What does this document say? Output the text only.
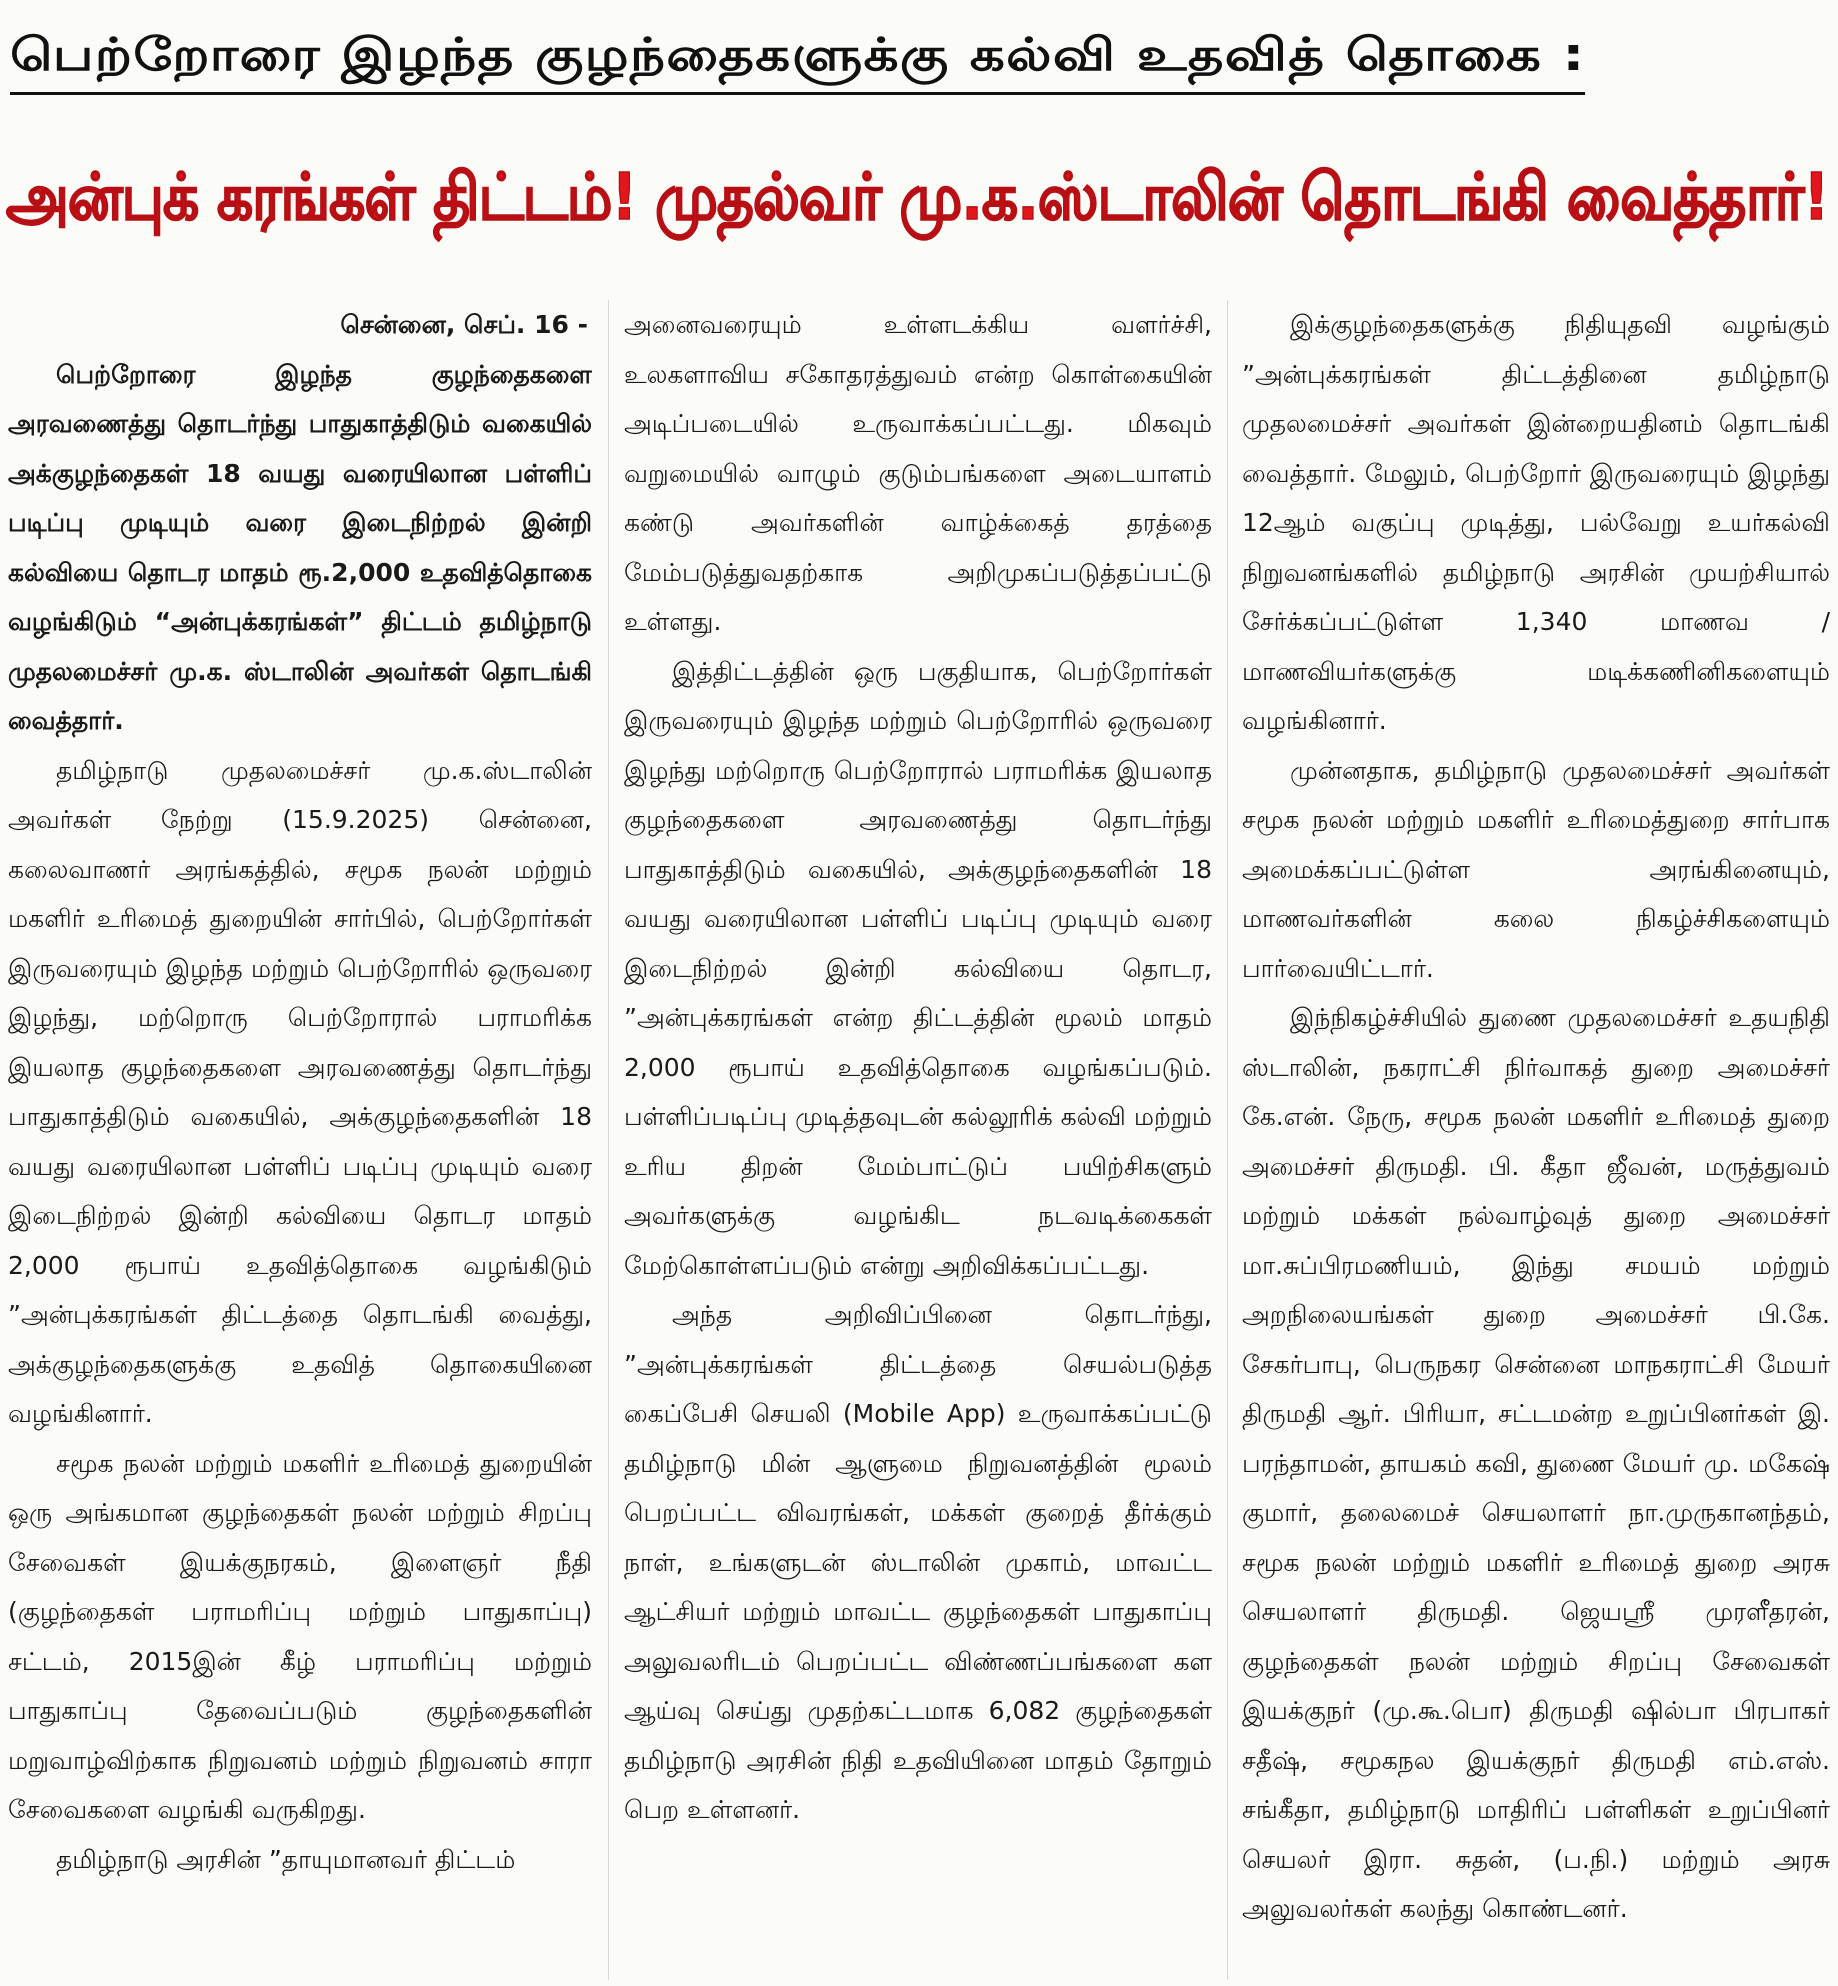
பெற்றோரை இழந்த குழந்தைகளுக்கு கல்வி உதவித் தொகை :
அன்புக் கரங்கள் திட்டம்! முதல்வர் மு.க.ஸ்டாலின் தொடங்கி வைத்தார்!
சென்னை, செப். 16 -

பெற்றோரை இழந்த குழந்தைகளை அரவணைத்து தொடர்ந்து பாதுகாத்திடும் வகையில் அக்குழந்தைகள் 18 வயது வரையிலான பள்ளிப் படிப்பு முடியும் வரை இடைநிற்றல் இன்றி கல்வியை தொடர மாதம் ரூ.2,000 உதவித்தொகை வழங்கிடும் “அன்புக்கரங்கள்” திட்டம் தமிழ்நாடு முதலமைச்சர் மு.க. ஸ்டாலின் அவர்கள் தொடங்கி வைத்தார்.

தமிழ்நாடு முதலமைச்சர் மு.க.ஸ்டாலின் அவர்கள் நேற்று (15.9.2025) சென்னை, கலைவாணர் அரங்கத்தில், சமூக நலன் மற்றும் மகளிர் உரிமைத் துறையின் சார்பில், பெற்றோர்கள் இருவரையும் இழந்த மற்றும் பெற்றோரில் ஒருவரை இழந்து, மற்றொரு பெற்றோரால் பராமரிக்க இயலாத குழந்தைகளை அரவணைத்து தொடர்ந்து பாதுகாத்திடும் வகையில், அக்குழந்தைகளின் 18 வயது வரையிலான பள்ளிப் படிப்பு முடியும் வரை இடைநிற்றல் இன்றி கல்வியை தொடர மாதம் 2,000 ரூபாய் உதவித்தொகை வழங்கிடும் ”அன்புக்கரங்கள் திட்டத்தை தொடங்கி வைத்து, அக்குழந்தைகளுக்கு உதவித் தொகையினை வழங்கினார்.

சமூக நலன் மற்றும் மகளிர் உரிமைத் துறையின் ஒரு அங்கமான குழந்தைகள் நலன் மற்றும் சிறப்பு சேவைகள் இயக்குநரகம், இளைஞர் நீதி (குழந்தைகள் பராமரிப்பு மற்றும் பாதுகாப்பு) சட்டம், 2015இன் கீழ் பராமரிப்பு மற்றும் பாதுகாப்பு தேவைப்படும் குழந்தைகளின் மறுவாழ்விற்காக நிறுவனம் மற்றும் நிறுவனம் சாரா சேவைகளை வழங்கி வருகிறது.

தமிழ்நாடு அரசின் ”தாயுமானவர் திட்டம்

அனைவரையும் உள்ளடக்கிய வளர்ச்சி, உலகளாவிய சகோதரத்துவம் என்ற கொள்கையின் அடிப்படையில் உருவாக்கப்பட்டது. மிகவும் வறுமையில் வாழும் குடும்பங்களை அடையாளம் கண்டு அவர்களின் வாழ்க்கைத் தரத்தை மேம்படுத்துவதற்காக அறிமுகப்படுத்தப்பட்டு உள்ளது.

இத்திட்டத்தின் ஒரு பகுதியாக, பெற்றோர்கள் இருவரையும் இழந்த மற்றும் பெற்றோரில் ஒருவரை இழந்து மற்றொரு பெற்றோரால் பராமரிக்க இயலாத குழந்தைகளை அரவணைத்து தொடர்ந்து பாதுகாத்திடும் வகையில், அக்குழந்தைகளின் 18 வயது வரையிலான பள்ளிப் படிப்பு முடியும் வரை இடைநிற்றல் இன்றி கல்வியை தொடர, ”அன்புக்கரங்கள் என்ற திட்டத்தின் மூலம் மாதம் 2,000 ரூபாய் உதவித்தொகை வழங்கப்படும். பள்ளிப்படிப்பு முடித்தவுடன் கல்லூரிக் கல்வி மற்றும் உரிய திறன் மேம்பாட்டுப் பயிற்சிகளும் அவர்களுக்கு வழங்கிட நடவடிக்கைகள் மேற்கொள்ளப்படும் என்று அறிவிக்கப்பட்டது.

அந்த அறிவிப்பினை தொடர்ந்து, ”அன்புக்கரங்கள் திட்டத்தை செயல்படுத்த கைப்பேசி செயலி (Mobile App) உருவாக்கப்பட்டு தமிழ்நாடு மின் ஆளுமை நிறுவனத்தின் மூலம் பெறப்பட்ட விவரங்கள், மக்கள் குறைத் தீர்க்கும் நாள், உங்களுடன் ஸ்டாலின் முகாம், மாவட்ட ஆட்சியர் மற்றும் மாவட்ட குழந்தைகள் பாதுகாப்பு அலுவலரிடம் பெறப்பட்ட விண்ணப்பங்களை கள ஆய்வு செய்து முதற்கட்டமாக 6,082 குழந்தைகள் தமிழ்நாடு அரசின் நிதி உதவியினை மாதம் தோறும் பெற உள்ளனர்.

இக்குழந்தைகளுக்கு நிதியுதவி வழங்கும் ”அன்புக்கரங்கள் திட்டத்தினை தமிழ்நாடு முதலமைச்சர் அவர்கள் இன்றையதினம் தொடங்கி வைத்தார். மேலும், பெற்றோர் இருவரையும் இழந்து 12ஆம் வகுப்பு முடித்து, பல்வேறு உயர்கல்வி நிறுவனங்களில் தமிழ்நாடு அரசின் முயற்சியால் சேர்க்கப்பட்டுள்ள 1,340 மாணவ / மாணவியர்களுக்கு மடிக்கணினிகளையும் வழங்கினார்.

முன்னதாக, தமிழ்நாடு முதலமைச்சர் அவர்கள் சமூக நலன் மற்றும் மகளிர் உரிமைத்துறை சார்பாக அமைக்கப்பட்டுள்ள அரங்கினையும், மாணவர்களின் கலை நிகழ்ச்சிகளையும் பார்வையிட்டார்.

இந்நிகழ்ச்சியில் துணை முதலமைச்சர் உதயநிதி ஸ்டாலின், நகராட்சி நிர்வாகத் துறை அமைச்சர் கே.என். நேரு, சமூக நலன் மகளிர் உரிமைத் துறை அமைச்சர் திருமதி. பி. கீதா ஜீவன், மருத்துவம் மற்றும் மக்கள் நல்வாழ்வுத் துறை அமைச்சர் மா.சுப்பிரமணியம், இந்து சமயம் மற்றும் அறநிலையங்கள் துறை அமைச்சர் பி.கே. சேகர்பாபு, பெருநகர சென்னை மாநகராட்சி மேயர் திருமதி ஆர். பிரியா, சட்டமன்ற உறுப்பினர்கள் இ. பரந்தாமன், தாயகம் கவி, துணை மேயர் மு. மகேஷ் குமார், தலைமைச் செயலாளர் நா.முருகானந்தம், சமூக நலன் மற்றும் மகளிர் உரிமைத் துறை அரசு செயலாளர் திருமதி. ஜெயஸ்ரீ முரளீதரன், குழந்தைகள் நலன் மற்றும் சிறப்பு சேவைகள் இயக்குநர் (மு.கூ.பொ) திருமதி ஷில்பா பிரபாகர் சதீஷ், சமூகநல இயக்குநர் திருமதி எம்.எஸ். சங்கீதா, தமிழ்நாடு மாதிரிப் பள்ளிகள் உறுப்பினர் செயலர் இரா. சுதன், (ப.நி.) மற்றும் அரசு அலுவலர்கள் கலந்து கொண்டனர்.
